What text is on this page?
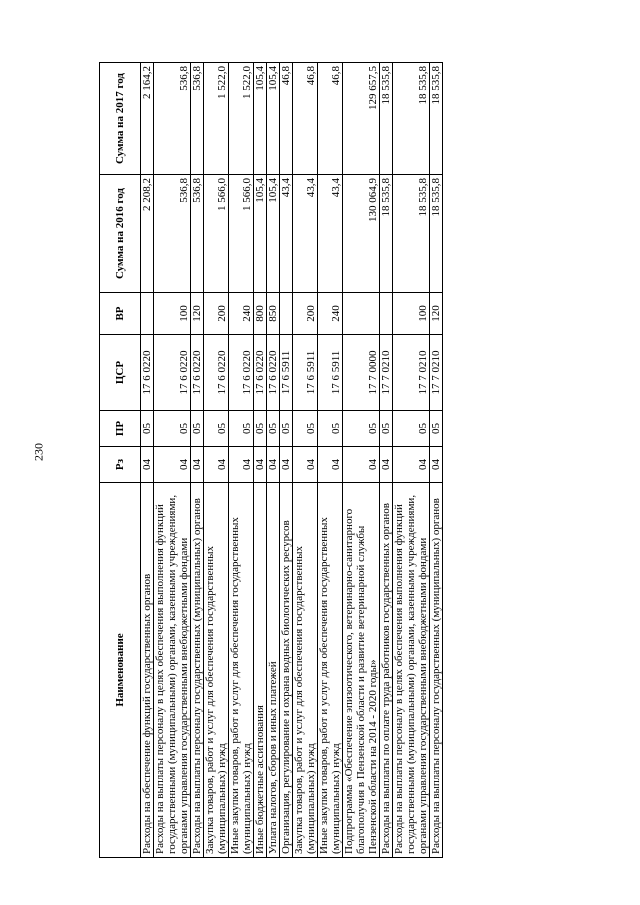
230
Наименование	Рз	ПР	ЦСР	ВР	Сумма на 2016 год	Сумма на 2017 год
Расходы на обеспечение функций государственных органов	04	05	17 6 0220		2 208,2	2 164,2
Расходы на выплаты персоналу в целях обеспечения выполнения функций государственными (муниципальными) органами, казенными учреждениями, органами управления государственными внебюджетными фондами	04	05	17 6 0220	100	536,8	536,8
Расходы на выплаты персоналу государственных (муниципальных) органов	04	05	17 6 0220	120	536,8	536,8
Закупка товаров, работ и услуг для обеспечения государственных (муниципальных) нужд	04	05	17 6 0220	200	1 566,0	1 522,0
Иные закупки товаров, работ и услуг для обеспечения государственных (муниципальных) нужд	04	05	17 6 0220	240	1 566,0	1 522,0
Иные бюджетные ассигнования	04	05	17 6 0220	800	105,4	105,4
Уплата налогов, сборов и иных платежей	04	05	17 6 0220	850	105,4	105,4
Организация, регулирование и охрана водных биологических ресурсов	04	05	17 6 5911		43,4	46,8
Закупка товаров, работ и услуг для обеспечения государственных (муниципальных) нужд	04	05	17 6 5911	200	43,4	46,8
Иные закупки товаров, работ и услуг для обеспечения государственных (муниципальных) нужд	04	05	17 6 5911	240	43,4	46,8
Подпрограмма «Обеспечение эпизоотического, ветеринарно-санитарного благополучия в Пензенской области и развитие ветеринарной службы Пензенской области на 2014 - 2020 годы»	04	05	17 7 0000		130 064,9	129 657,5
Расходы на выплаты по оплате труда работников государственных органов	04	05	17 7 0210		18 535,8	18 535,8
Расходы на выплаты персоналу в целях обеспечения выполнения функций государственными (муниципальными) органами, казенными учреждениями, органами управления государственными внебюджетными фондами	04	05	17 7 0210	100	18 535,8	18 535,8
Расходы на выплаты персоналу государственных (муниципальных) органов	04	05	17 7 0210	120	18 535,8	18 535,8
